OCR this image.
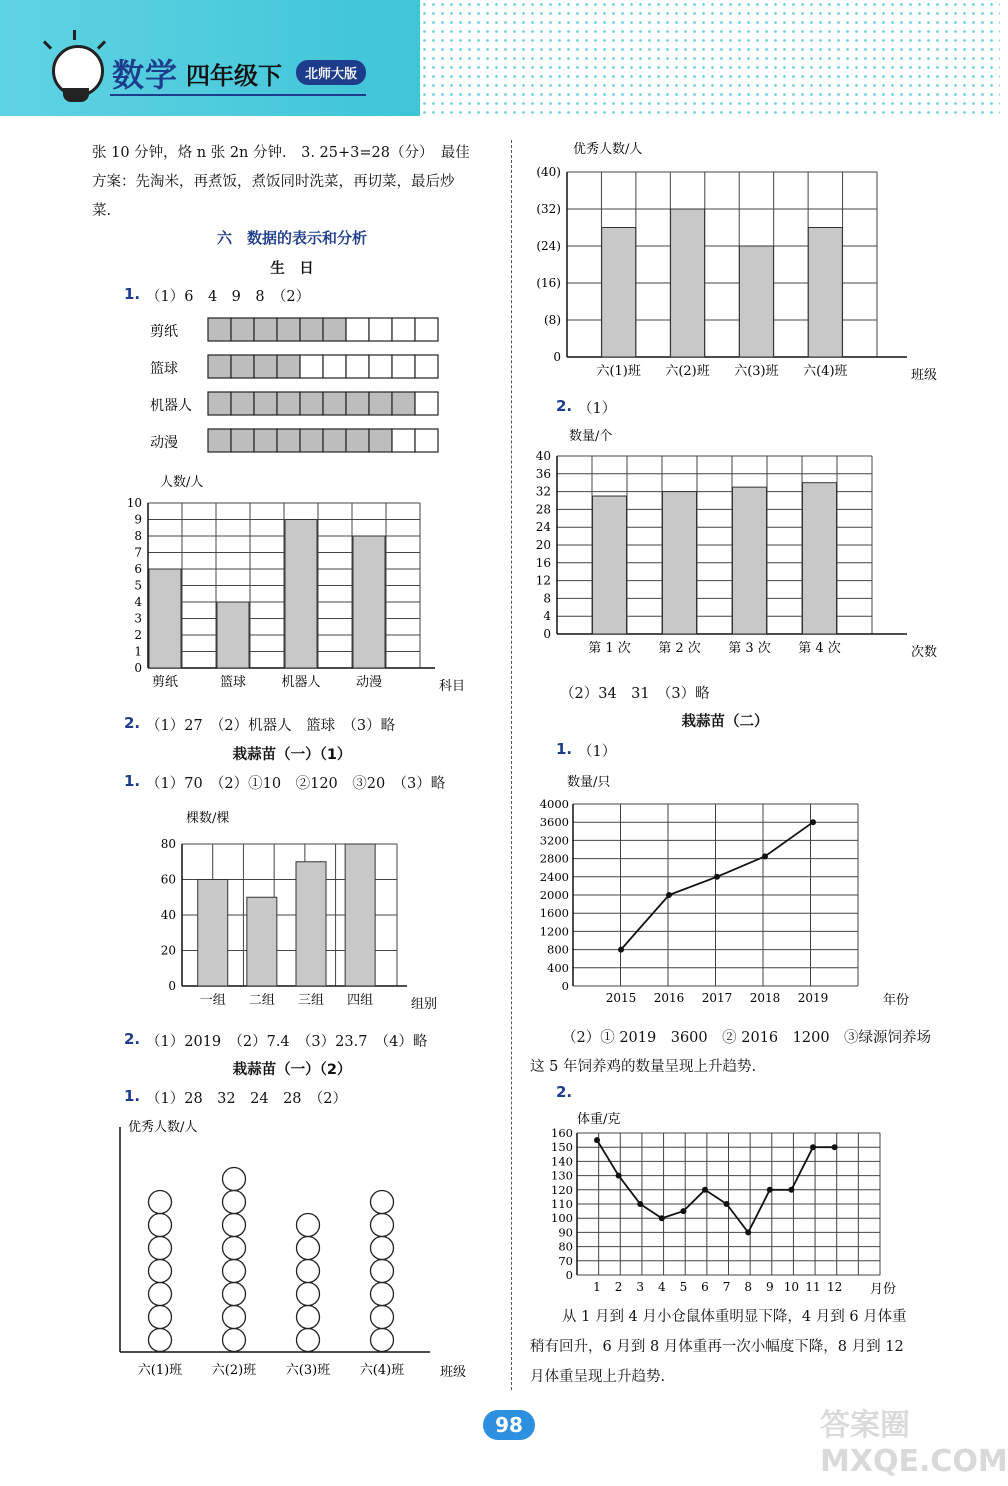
数学 四年级下	北师大版
张 10 分钟，烙 n 张 2n 分钟.　3. 25+3=28（分）　最佳
方案：先淘米，再煮饭，煮饭同时洗菜，再切菜，最后炒
菜.
六　数据的表示和分析
生　日
1. （1）6　4　9　8　（2）
剪纸
篮球
机器人
动漫
人数/人
0
1
2
3
4
5
6
7
8
9
10
剪纸	篮球	机器人	动漫	科目
2. （1）27　（2）机器人　篮球　（3）略
栽蒜苗（一）（1）
1. （1）70　（2）①10　②120　③20　（3）略
棵数/棵
0
20
40
60
80
一组 二组 三组 四组	组别
2. （1）2019　（2）7.4　（3）23.7　（4）略
栽蒜苗（一）（2）
1. （1）28　32　24　28　（2）
优秀人数/人
六(1)班 六(2)班 六(3)班 六(4)班	班级
优秀人数/人
0
(8)
(16)
(24)
(32)
(40)
六(1)班 六(2)班 六(3)班 六(4)班	班级
2. （1）
数量/个
0
4
8
12
16
20
24
28
32
36
40
第 1 次 第 2 次 第 3 次 第 4 次	次数
（2）34　31　（3）略
栽蒜苗（二）
1. （1）
数量/只
0
400
800
1200
1600
2000
2400
2800
3200
3600
4000
2015 2016 2017 2018 2019	年份
（2）① 2019　3600　② 2016　1200　③绿源饲养场
这 5 年饲养鸡的数量呈现上升趋势.
2.
体重/克
0
70
80
90
100
110
120
130
140
150
160
1 2 3 4 5 6 7 8 9 10 11 12 月份
从 1 月到 4 月小仓鼠体重明显下降，4 月到 6 月体重
稍有回升，6 月到 8 月体重再一次小幅度下降，8 月到 12
月体重呈现上升趋势.
98	答案圈 MXQE.COM
